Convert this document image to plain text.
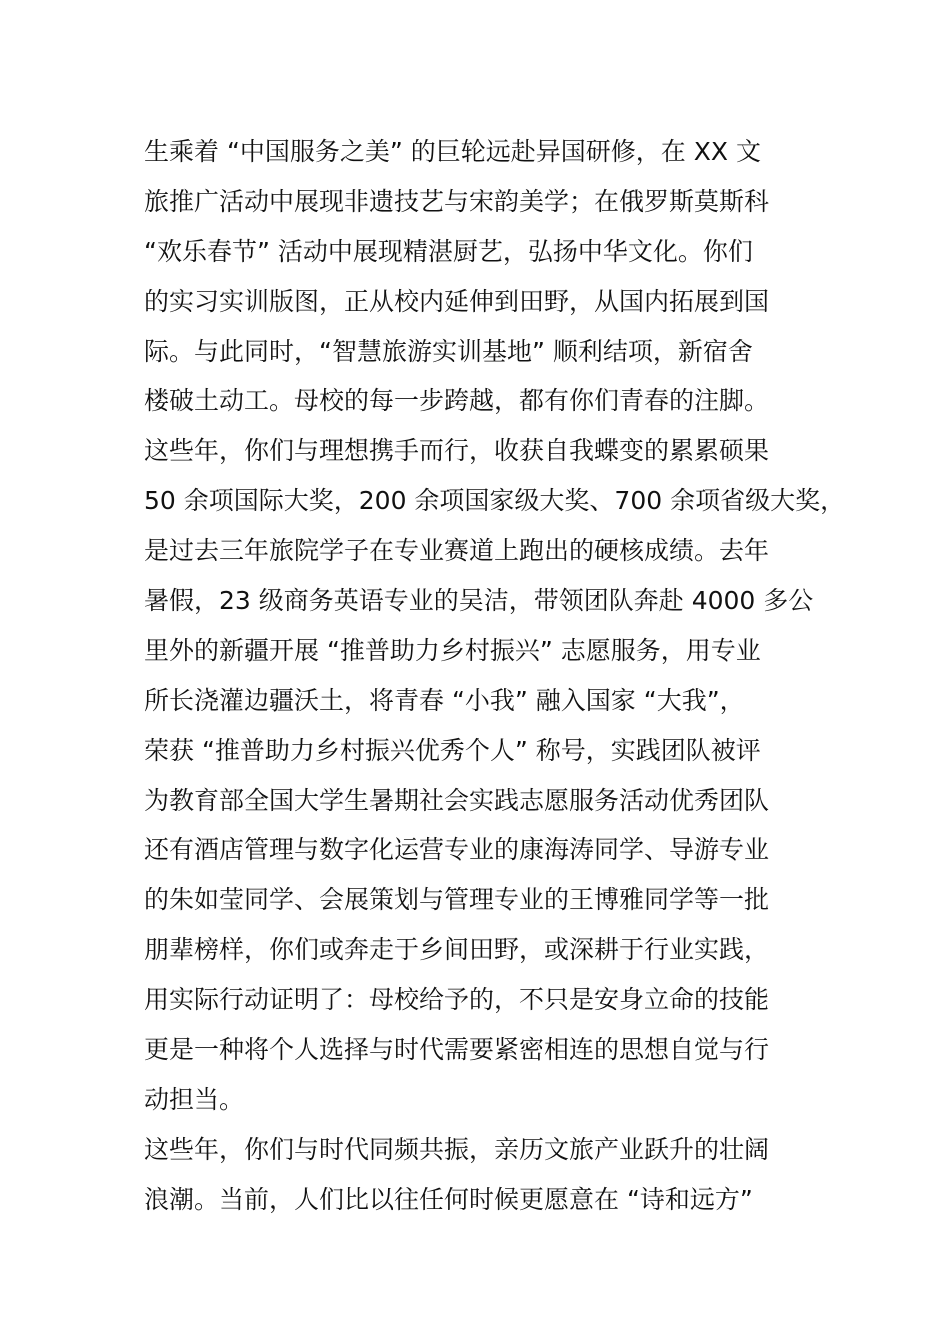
生乘着 “中国服务之美” 的巨轮远赴异国研修，在 XX 文
旅推广活动中展现非遗技艺与宋韵美学；在俄罗斯莫斯科
“欢乐春节” 活动中展现精湛厨艺，弘扬中华文化。你们
的实习实训版图，正从校内延伸到田野，从国内拓展到国
际。与此同时，“智慧旅游实训基地” 顺利结项，新宿舍
楼破土动工。母校的每一步跨越，都有你们青春的注脚。
这些年，你们与理想携手而行，收获自我蝶变的累累硕果
50 余项国际大奖，200 余项国家级大奖、700 余项省级大奖，
是过去三年旅院学子在专业赛道上跑出的硬核成绩。去年
暑假，23 级商务英语专业的吴洁，带领团队奔赴 4000 多公
里外的新疆开展 “推普助力乡村振兴” 志愿服务，用专业
所长浇灌边疆沃土，将青春 “小我” 融入国家 “大我”，
荣获 “推普助力乡村振兴优秀个人” 称号，实践团队被评
为教育部全国大学生暑期社会实践志愿服务活动优秀团队
还有酒店管理与数字化运营专业的康海涛同学、导游专业
的朱如莹同学、会展策划与管理专业的王博雅同学等一批
朋辈榜样，你们或奔走于乡间田野，或深耕于行业实践，
用实际行动证明了：母校给予的，不只是安身立命的技能
更是一种将个人选择与时代需要紧密相连的思想自觉与行
动担当。
这些年，你们与时代同频共振，亲历文旅产业跃升的壮阔
浪潮。当前，人们比以往任何时候更愿意在 “诗和远方”
